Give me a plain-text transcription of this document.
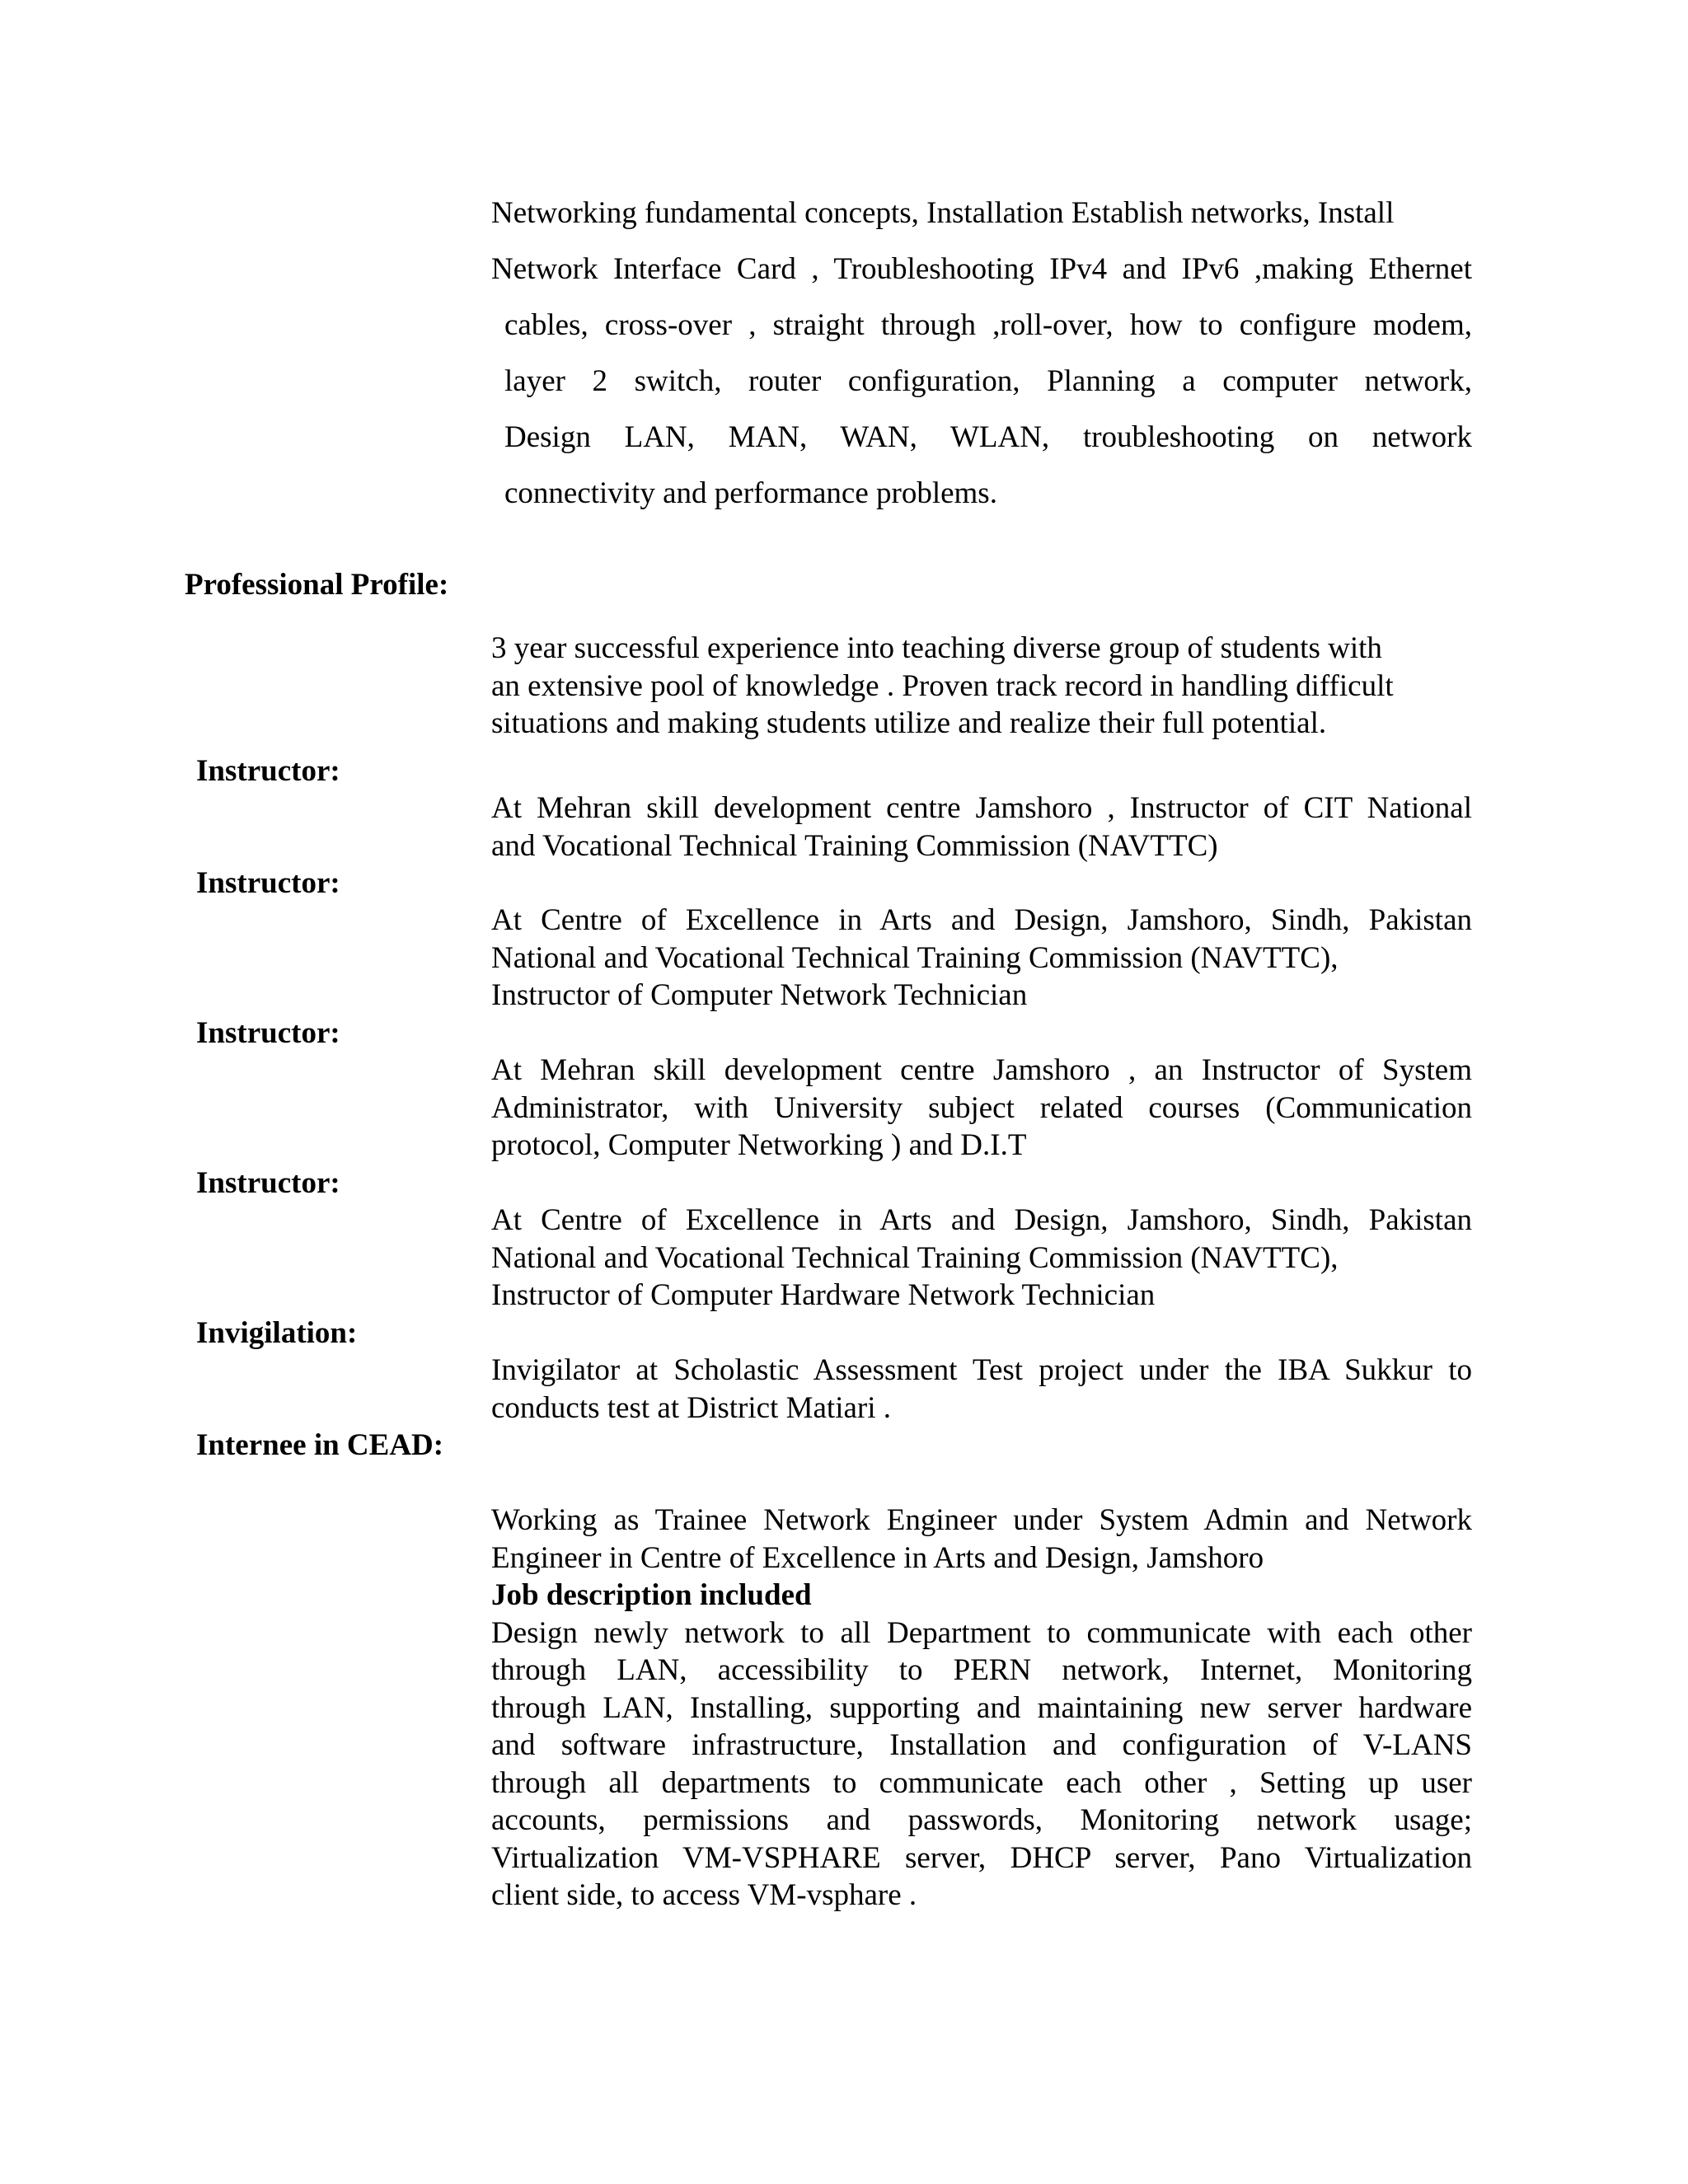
Networking fundamental concepts, Installation Establish networks, Install
Network Interface Card , Troubleshooting IPv4 and IPv6 ,making Ethernet
cables, cross-over , straight through ,roll-over, how to configure modem,
layer 2 switch, router configuration, Planning a computer network,
Design LAN, MAN, WAN, WLAN, troubleshooting on network
connectivity and performance problems.
Professional Profile:
3 year successful experience into teaching diverse group of students with
an extensive pool of knowledge . Proven track record in handling difficult
situations and making students utilize and realize their full potential.
Instructor:
At Mehran skill development centre Jamshoro , Instructor of CIT National
and Vocational Technical Training Commission (NAVTTC)
Instructor:
At Centre of Excellence in Arts and Design, Jamshoro, Sindh, Pakistan
National and Vocational Technical Training Commission (NAVTTC),
Instructor of Computer Network Technician
Instructor:
At Mehran skill development centre Jamshoro , an Instructor of System
Administrator, with University subject related courses (Communication
protocol, Computer Networking ) and D.I.T
Instructor:
At Centre of Excellence in Arts and Design, Jamshoro, Sindh, Pakistan
National and Vocational Technical Training Commission (NAVTTC),
Instructor of Computer Hardware Network Technician
Invigilation:
Invigilator at Scholastic Assessment Test project under the IBA Sukkur to
conducts test at District Matiari .
Internee in CEAD:
Working as Trainee Network Engineer under System Admin and Network
Engineer in Centre of Excellence in Arts and Design, Jamshoro
Job description included
Design newly network to all Department to communicate with each other
through LAN, accessibility to PERN network, Internet, Monitoring
through LAN, Installing, supporting and maintaining new server hardware
and software infrastructure, Installation and configuration of V-LANS
through all departments to communicate each other , Setting up user
accounts, permissions and passwords, Monitoring network usage;
Virtualization VM-VSPHARE server, DHCP server, Pano Virtualization
client side, to access VM-vsphare .
